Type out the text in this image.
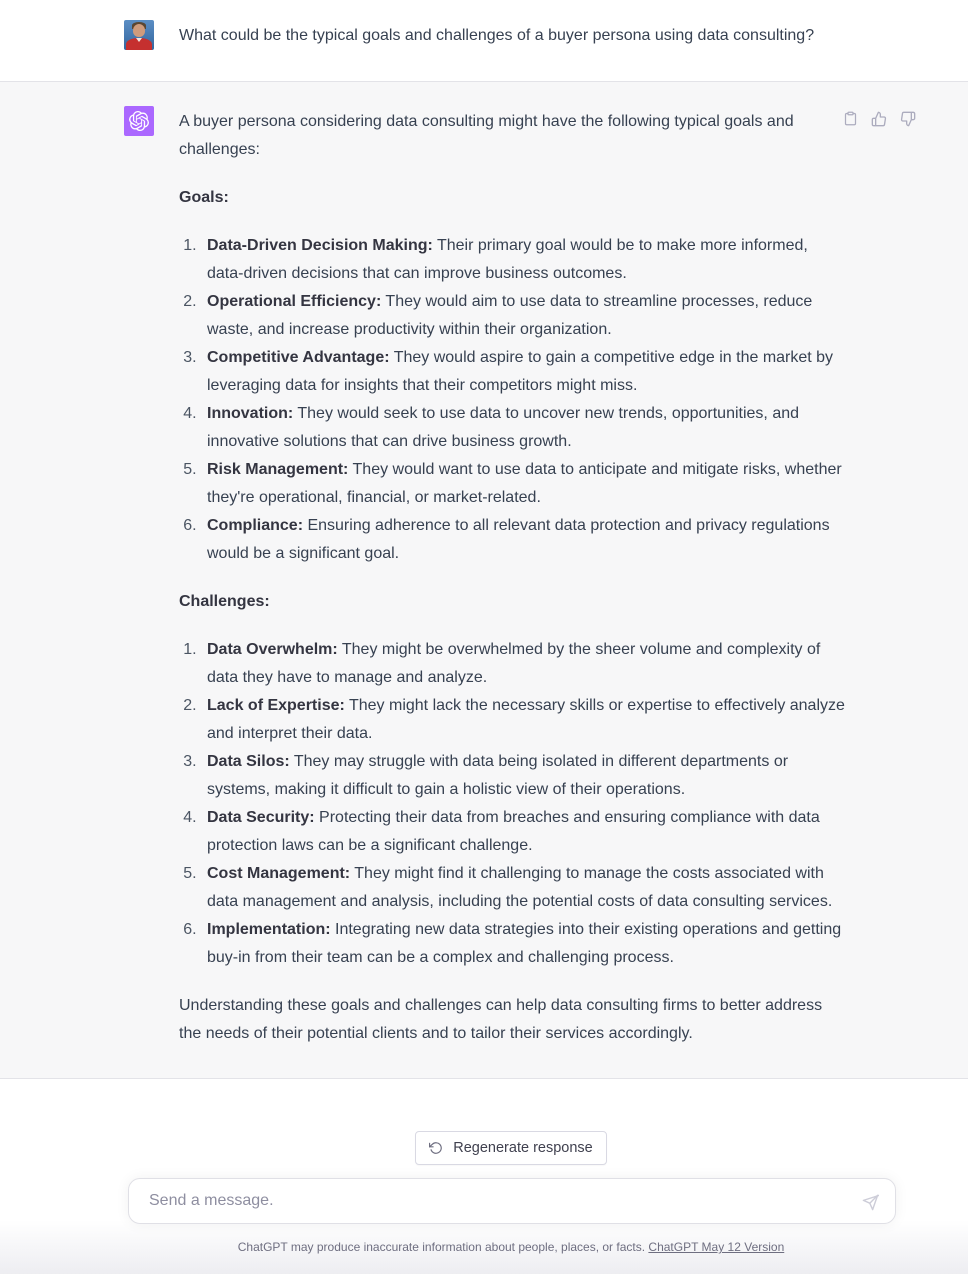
What could be the typical goals and challenges of a buyer persona using data consulting?

A buyer persona considering data consulting might have the following typical goals and challenges:

Goals:

1. Data-Driven Decision Making: Their primary goal would be to make more informed, data-driven decisions that can improve business outcomes.
2. Operational Efficiency: They would aim to use data to streamline processes, reduce waste, and increase productivity within their organization.
3. Competitive Advantage: They would aspire to gain a competitive edge in the market by leveraging data for insights that their competitors might miss.
4. Innovation: They would seek to use data to uncover new trends, opportunities, and innovative solutions that can drive business growth.
5. Risk Management: They would want to use data to anticipate and mitigate risks, whether they're operational, financial, or market-related.
6. Compliance: Ensuring adherence to all relevant data protection and privacy regulations would be a significant goal.

Challenges:

1. Data Overwhelm: They might be overwhelmed by the sheer volume and complexity of data they have to manage and analyze.
2. Lack of Expertise: They might lack the necessary skills or expertise to effectively analyze and interpret their data.
3. Data Silos: They may struggle with data being isolated in different departments or systems, making it difficult to gain a holistic view of their operations.
4. Data Security: Protecting their data from breaches and ensuring compliance with data protection laws can be a significant challenge.
5. Cost Management: They might find it challenging to manage the costs associated with data management and analysis, including the potential costs of data consulting services.
6. Implementation: Integrating new data strategies into their existing operations and getting buy-in from their team can be a complex and challenging process.

Understanding these goals and challenges can help data consulting firms to better address the needs of their potential clients and to tailor their services accordingly.

Regenerate response
Send a message.
ChatGPT may produce inaccurate information about people, places, or facts. ChatGPT May 12 Version
